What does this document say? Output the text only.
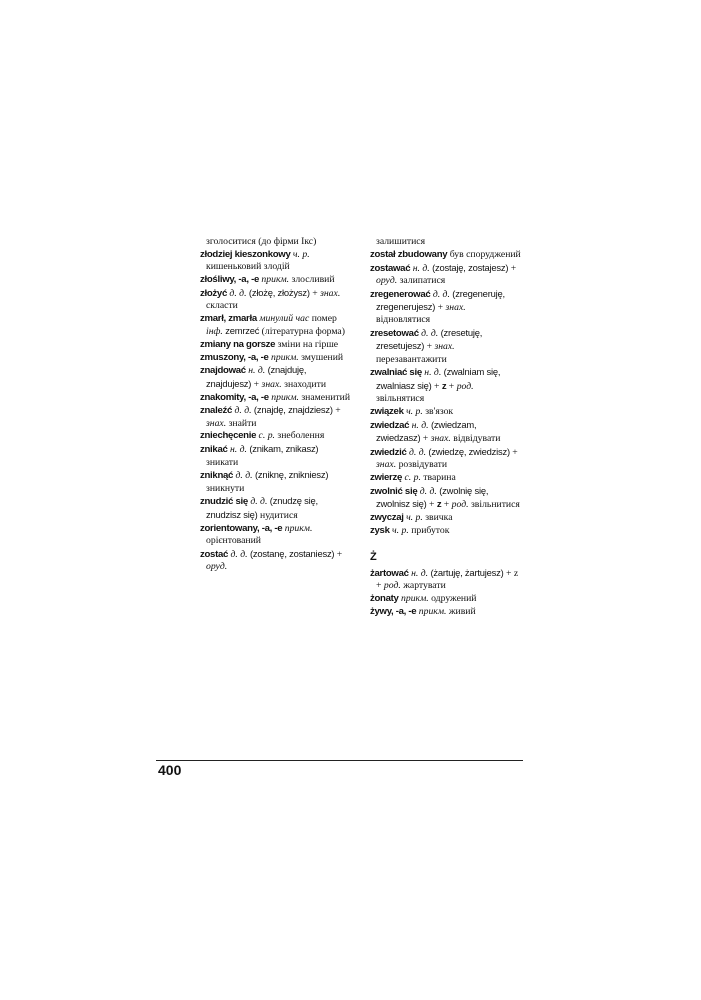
зголоситися (до фірми Ікс)
złodziej kieszonkowy ч. р. кишеньковий злодій
złośliwy, -a, -e прикм. злосливий
złożyć д. д. (złożę, złożysz) + знах. скласти
zmarł, zmarła минулий час помер інф. zemrzeć (літературна форма)
zmiany na gorsze зміни на гірше
zmuszony, -a, -e прикм. змушений
znajdować н. д. (znajduję, znajdujesz) + знах. знаходити
znakomity, -a, -e прикм. знаменитий
znaleźć д. д. (znajdę, znajdziesz) + знах. знайти
zniechęcenie с. р. знеболення
znikać н. д. (znikam, znikasz) зникати
zniknąć д. д. (zniknę, znikniesz) зникнути
znudzić się д. д. (znudzę się, znudzisz się) нудитися
zorientowany, -a, -e прикм. орієнтований
zostać д. д. (zostanę, zostaniesz) + оруд.
залишитися
został zbudowany був споруджений
zostawać н. д. (zostaję, zostajesz) + оруд. залипатися
zregenerować д. д. (zregeneruję, zregenerujesz) + знах. відновлятися
zresetować д. д. (zresetuję, zresetujesz) + знах. перезавантажити
zwalniać się н. д. (zwalniam się, zwalniasz się) + z + род. звільнятися
związek ч. р. зв'язок
zwiedzać н. д. (zwiedzam, zwiedzasz) + знах. відвідувати
zwiedzić д. д. (zwiedzę, zwiedzisz) + знах. розвідувати
zwierzę с. р. тварина
zwolnić się д. д. (zwolnię się, zwolnisz się) + z + род. звільнитися
zwyczaj ч. р. звичка
zysk ч. р. прибуток
Ż
żartować н. д. (żartuję, żartujesz) + z + род. жартувати
żonaty прикм. одружений
żywy, -a, -e прикм. живий
400
